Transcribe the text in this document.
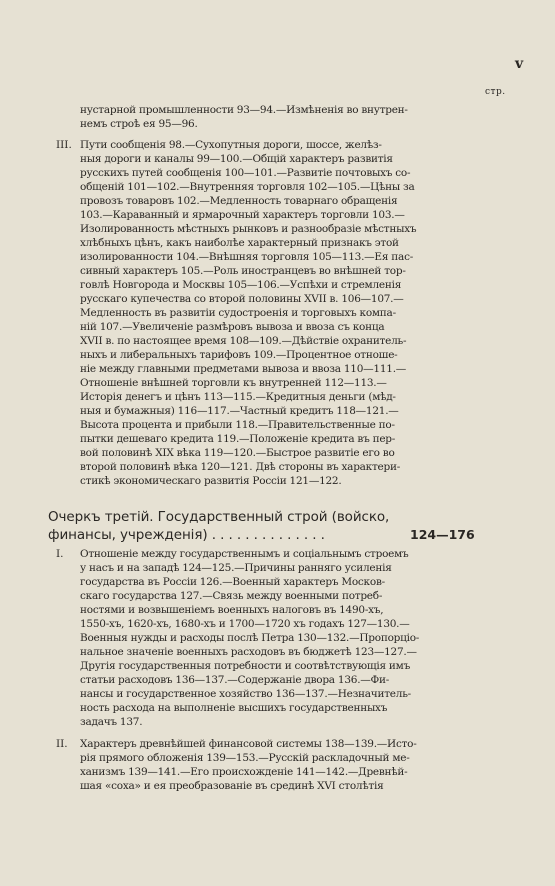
v
стр.
нустарной промышленности 93—94.—Измѣненія во внутрен-
немъ строѣ ея 95—96.
III. Пути сообщенія 98.—Сухопутныя дороги, шоссе, желѣз-
ныя дороги и каналы 99—100.—Общій характеръ развитія
русскихъ путей сообщенія 100—101.—Развитіе почтовыхъ со-
общеній 101—102.—Внутренняя торговля 102—105.—Цѣны за
провозъ товаровъ 102.—Медленность товарнаго обращенія
103.—Караванный и ярмарочный характеръ торговли 103.—
Изолированность мѣстныхъ рынковъ и разнообразіе мѣстныхъ
хлѣбныхъ цѣнъ, какъ наиболѣе характерный признакъ этой
изолированности 104.—Внѣшняя торговля 105—113.—Ея пас-
сивный характеръ 105.—Роль иностранцевъ во внѣшней тор-
говлѣ Новгорода и Москвы 105—106.—Успѣхи и стремленія
русскаго купечества со второй половины XVII в. 106—107.—
Медленность въ развитіи судостроенія и торговыхъ компа-
ній 107.—Увеличеніе размѣровъ вывоза и ввоза съ конца
XVII в. по настоящее время 108—109.—Дѣйствіе охранитель-
ныхъ и либеральныхъ тарифовъ 109.—Процентное отноше-
ніе между главными предметами вывоза и ввоза 110—111.—
Отношеніе внѣшней торговли къ внутренней 112—113.—
Исторія денегъ и цѣнъ 113—115.—Кредитныя деньги (мѣд-
ныя и бумажныя) 116—117.—Частный кредитъ 118—121.—
Высота процента и прибыли 118.—Правительственные по-
пытки дешеваго кредита 119.—Положеніе кредита въ пер-
вой половинѣ XIX вѣка 119—120.—Быстрое развитіе его во
второй половинѣ вѣка 120—121. Двѣ стороны въ характери-
стикѣ экономическаго развитія Россіи 121—122.
Очеркъ третій. Государственный строй (войско,
финансы, учрежденія) . . . . . . . . . . . . . .	124—176
I. Отношеніе между государственнымъ и соціальнымъ строемъ
у насъ и на западѣ 124—125.—Причины ранняго усиленія
государства въ Россіи 126.—Военный характеръ Москов-
скаго государства 127.—Связь между военными потреб-
ностями и возвышеніемъ военныхъ налоговъ въ 1490-хъ,
1550-хъ, 1620-хъ, 1680-хъ и 1700—1720 хъ годахъ 127—130.—
Военныя нужды и расходы послѣ Петра 130—132.—Пропорціо-
нальное значеніе военныхъ расходовъ въ бюджетѣ 123—127.—
Другія государственныя потребности и соотвѣтствующія имъ
статьи расходовъ 136—137.—Содержаніе двора 136.—Фи-
нансы и государственное хозяйство 136—137.—Незначитель-
ность расхода на выполненіе высшихъ государственныхъ
задачъ 137.
II. Характеръ древнѣйшей финансовой системы 138—139.—Исто-
рія прямого обложенія 139—153.—Русскій раскладочный ме-
ханизмъ 139—141.—Его происхожденіе 141—142.—Древнѣй-
шая «соха» и ея преобразованіе въ срединѣ XVI столѣтія
